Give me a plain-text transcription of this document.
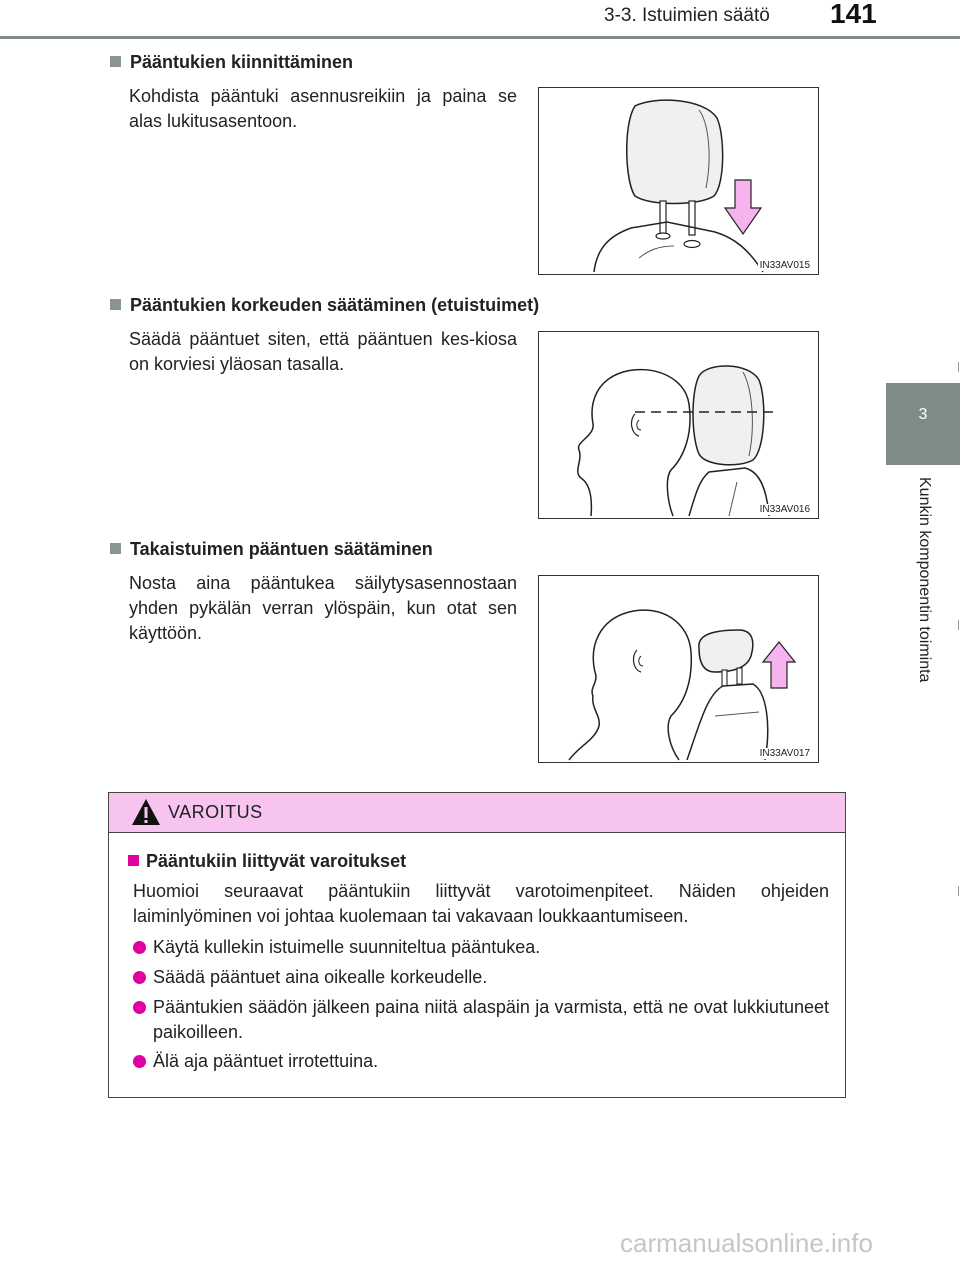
3-3. Istuimien säätö 141
3
Kunkin komponentin toiminta
Pääntukien kiinnittäminen
Kohdista pääntuki asennusreikiin ja paina se alas lukitusasentoon.
IN33AV015
Pääntukien korkeuden säätäminen (etuistuimet)
Säädä pääntuet siten, että pääntuen kes-kiosa on korviesi yläosan tasalla.
IN33AV016
Takaistuimen pääntuen säätäminen
Nosta aina pääntukea säilytysasennostaan yhden pykälän verran ylöspäin, kun otat sen käyttöön.
IN33AV017
VAROITUS
Pääntukiin liittyvät varoitukset
Huomioi seuraavat pääntukiin liittyvät varotoimenpiteet. Näiden ohjeiden laiminlyöminen voi johtaa kuolemaan tai vakavaan loukkaantumiseen.
Käytä kullekin istuimelle suunniteltua pääntukea.
Säädä pääntuet aina oikealle korkeudelle.
Pääntukien säädön jälkeen paina niitä alaspäin ja varmista, että ne ovat lukkiutuneet paikoilleen.
Älä aja pääntuet irrotettuina.
carmanualsonline.info
